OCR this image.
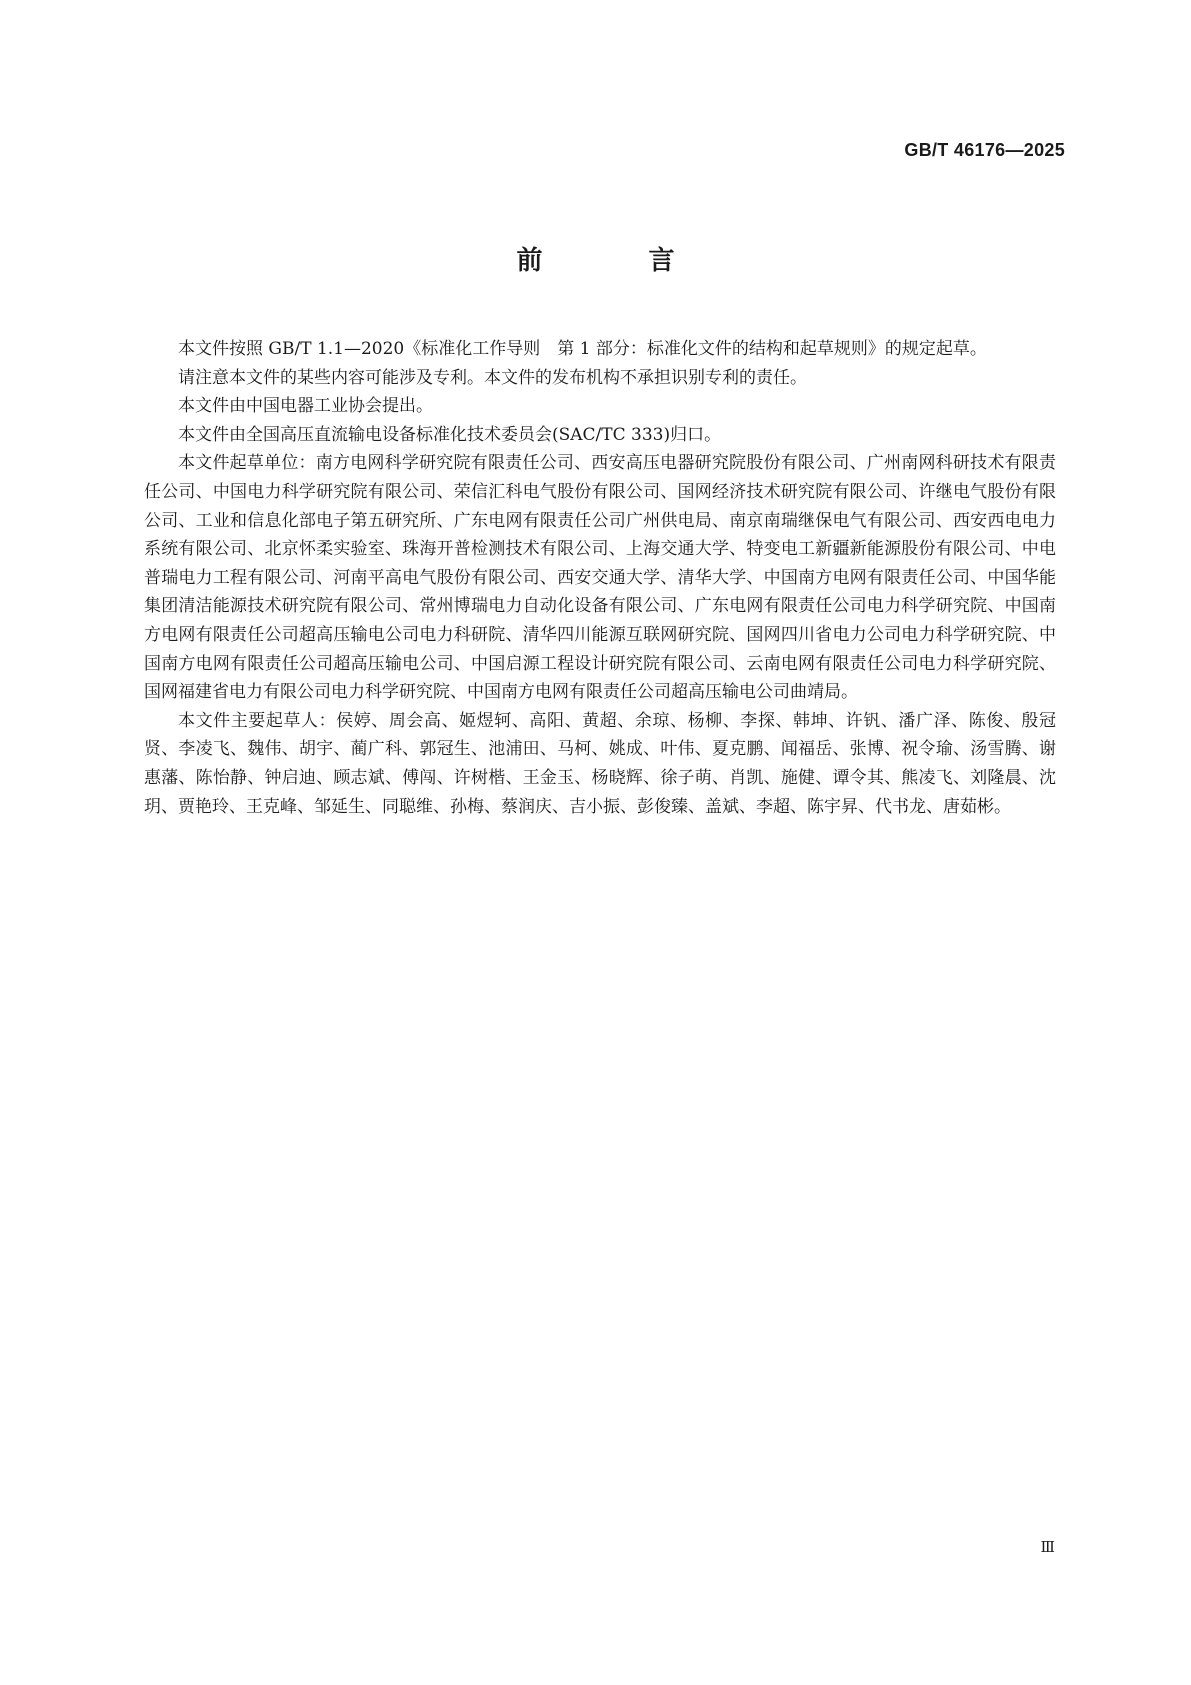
GB/T 46176—2025
前　言

本文件按照 GB/T 1.1—2020《标准化工作导则　第 1 部分：标准化文件的结构和起草规则》的规定起草。

请注意本文件的某些内容可能涉及专利。本文件的发布机构不承担识别专利的责任。

本文件由中国电器工业协会提出。

本文件由全国高压直流输电设备标准化技术委员会(SAC/TC 333)归口。

本文件起草单位：南方电网科学研究院有限责任公司、西安高压电器研究院股份有限公司、广州南网科研技术有限责任公司、中国电力科学研究院有限公司、荣信汇科电气股份有限公司、国网经济技术研究院有限公司、许继电气股份有限公司、工业和信息化部电子第五研究所、广东电网有限责任公司广州供电局、南京南瑞继保电气有限公司、西安西电电力系统有限公司、北京怀柔实验室、珠海开普检测技术有限公司、上海交通大学、特变电工新疆新能源股份有限公司、中电普瑞电力工程有限公司、河南平高电气股份有限公司、西安交通大学、清华大学、中国南方电网有限责任公司、中国华能集团清洁能源技术研究院有限公司、常州博瑞电力自动化设备有限公司、广东电网有限责任公司电力科学研究院、中国南方电网有限责任公司超高压输电公司电力科研院、清华四川能源互联网研究院、国网四川省电力公司电力科学研究院、中国南方电网有限责任公司超高压输电公司、中国启源工程设计研究院有限公司、云南电网有限责任公司电力科学研究院、国网福建省电力有限公司电力科学研究院、中国南方电网有限责任公司超高压输电公司曲靖局。

本文件主要起草人：侯婷、周会高、姬煜轲、高阳、黄超、余琼、杨柳、李探、韩坤、许钒、潘广泽、陈俊、殷冠贤、李凌飞、魏伟、胡宇、蔺广科、郭冠生、池浦田、马柯、姚成、叶伟、夏克鹏、闻福岳、张博、祝令瑜、汤雪腾、谢惠藩、陈怡静、钟启迪、顾志斌、傅闯、许树楷、王金玉、杨晓辉、徐子萌、肖凯、施健、谭令其、熊凌飞、刘隆晨、沈玥、贾艳玲、王克峰、邹延生、同聪维、孙梅、蔡润庆、吉小振、彭俊臻、盖斌、李超、陈宇昇、代书龙、唐茹彬。

Ⅲ
